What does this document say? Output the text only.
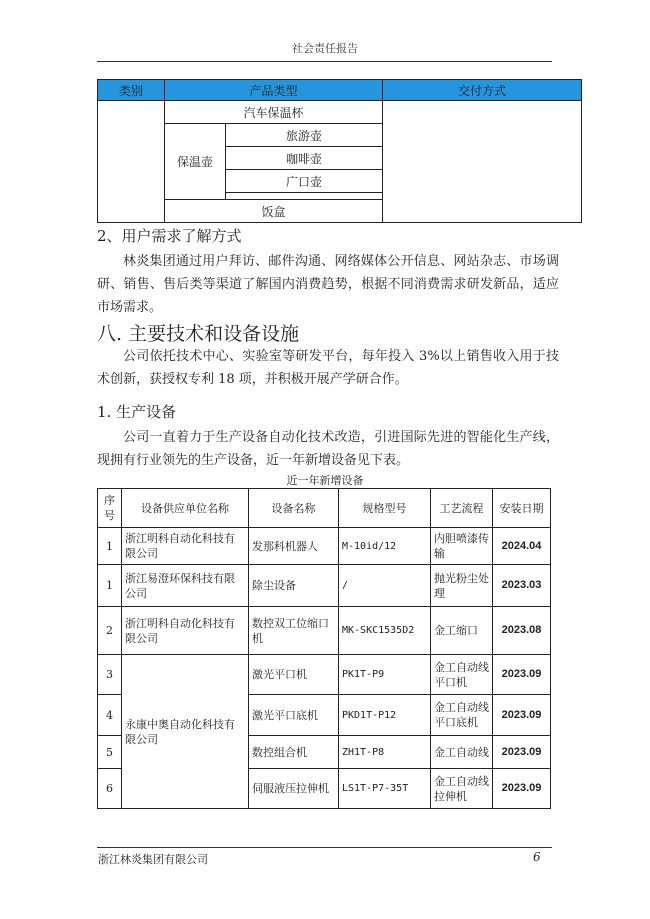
社会责任报告
类别	产品类型		交付方式
	汽车保温杯		
	保温壶	旅游壶	
		咖啡壶	
		广口壶	

	饭盒		
2、用户需求了解方式
林炎集团通过用户拜访、邮件沟通、网络媒体公开信息、网站杂志、市场调研、销售、售后类等渠道了解国内消费趋势，根据不同消费需求研发新品，适应市场需求。
八. 主要技术和设备设施
公司依托技术中心、实验室等研发平台，每年投入 3%以上销售收入用于技术创新，获授权专利 18 项，并积极开展产学研合作。
1. 生产设备
公司一直着力于生产设备自动化技术改造，引进国际先进的智能化生产线，现拥有行业领先的生产设备，近一年新增设备见下表。
近一年新增设备
序号	设备供应单位名称	设备名称	规格型号	工艺流程	安装日期
1	浙江明科自动化科技有限公司	发那科机器人	M-10id/12	内胆喷漆传输	2024.04
1	浙江易澄环保科技有限公司	除尘设备	/	抛光粉尘处理	2023.03
2	浙江明科自动化科技有限公司	数控双工位缩口机	MK-SKC1535D2	金工缩口	2023.08
3	永康中奥自动化科技有限公司	激光平口机	PK1T-P9	金工自动线平口机	2023.09
4		激光平口底机	PKD1T-P12	金工自动线平口底机	2023.09
5		数控组合机	ZH1T-P8	金工自动线	2023.09
6		伺服液压拉伸机	LS1T-P7-35T	金工自动线拉伸机	2023.09
浙江林炎集团有限公司	6
